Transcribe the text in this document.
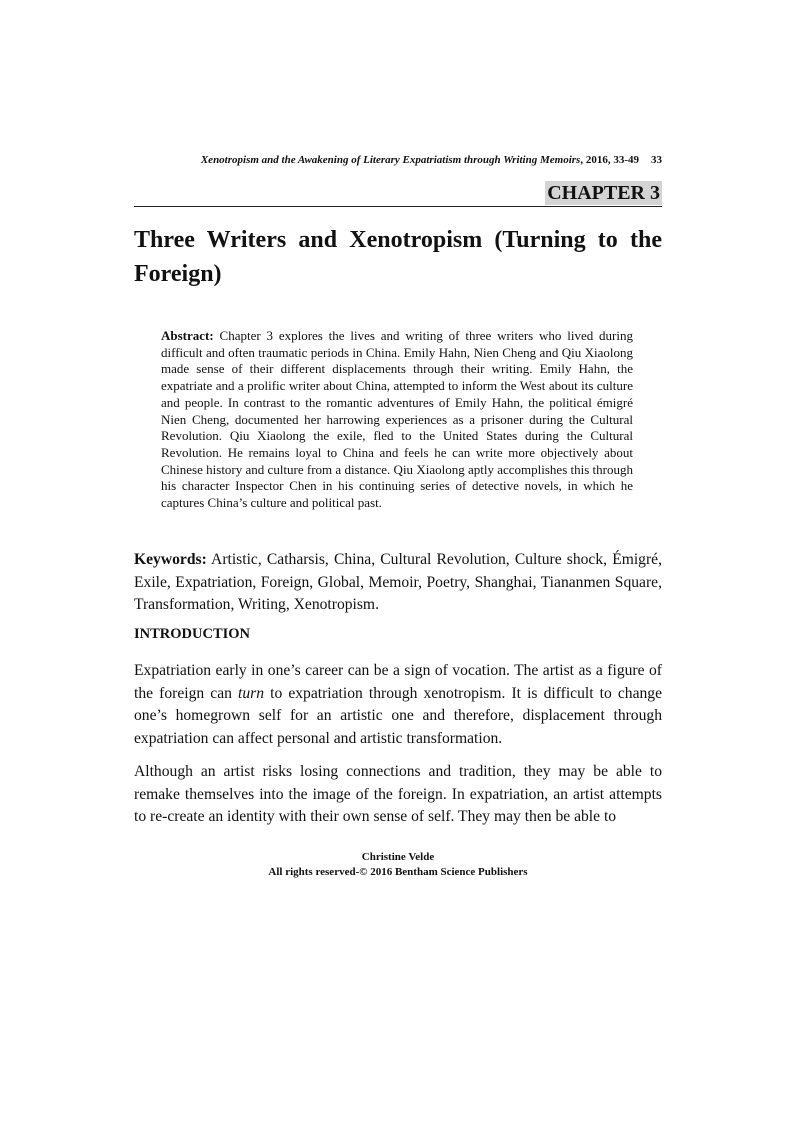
Xenotropism and the Awakening of Literary Expatriatism through Writing Memoirs, 2016, 33-49 33
CHAPTER 3
Three Writers and Xenotropism (Turning to the Foreign)
Abstract: Chapter 3 explores the lives and writing of three writers who lived during difficult and often traumatic periods in China. Emily Hahn, Nien Cheng and Qiu Xiaolong made sense of their different displacements through their writing. Emily Hahn, the expatriate and a prolific writer about China, attempted to inform the West about its culture and people. In contrast to the romantic adventures of Emily Hahn, the political émigré Nien Cheng, documented her harrowing experiences as a prisoner during the Cultural Revolution. Qiu Xiaolong the exile, fled to the United States during the Cultural Revolution. He remains loyal to China and feels he can write more objectively about Chinese history and culture from a distance. Qiu Xiaolong aptly accomplishes this through his character Inspector Chen in his continuing series of detective novels, in which he captures China’s culture and political past.
Keywords: Artistic, Catharsis, China, Cultural Revolution, Culture shock, Émigré, Exile, Expatriation, Foreign, Global, Memoir, Poetry, Shanghai, Tiananmen Square, Transformation, Writing, Xenotropism.
INTRODUCTION

Expatriation early in one’s career can be a sign of vocation. The artist as a figure of the foreign can turn to expatriation through xenotropism. It is difficult to change one’s homegrown self for an artistic one and therefore, displacement through expatriation can affect personal and artistic transformation.

Although an artist risks losing connections and tradition, they may be able to remake themselves into the image of the foreign. In expatriation, an artist attempts to re-create an identity with their own sense of self. They may then be able to

Christine Velde
All rights reserved-© 2016 Bentham Science Publishers
